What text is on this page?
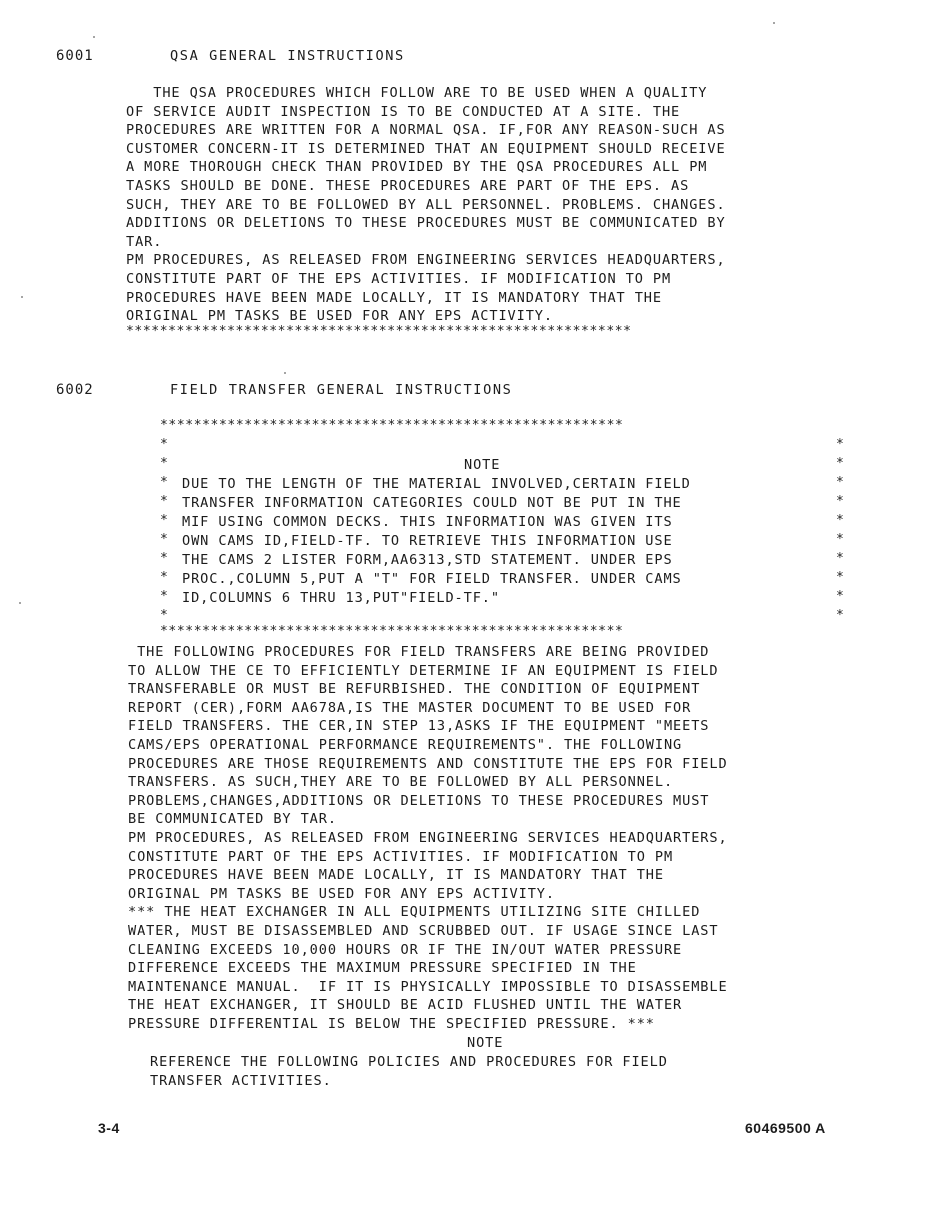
6001	QSA GENERAL INSTRUCTIONS
THE QSA PROCEDURES WHICH FOLLOW ARE TO BE USED WHEN A QUALITY
OF SERVICE AUDIT INSPECTION IS TO BE CONDUCTED AT A SITE. THE
PROCEDURES ARE WRITTEN FOR A NORMAL QSA. IF,FOR ANY REASON-SUCH AS
CUSTOMER CONCERN-IT IS DETERMINED THAT AN EQUIPMENT SHOULD RECEIVE
A MORE THOROUGH CHECK THAN PROVIDED BY THE QSA PROCEDURES ALL PM
TASKS SHOULD BE DONE. THESE PROCEDURES ARE PART OF THE EPS. AS
SUCH, THEY ARE TO BE FOLLOWED BY ALL PERSONNEL. PROBLEMS. CHANGES.
ADDITIONS OR DELETIONS TO THESE PROCEDURES MUST BE COMMUNICATED BY
TAR.
PM PROCEDURES, AS RELEASED FROM ENGINEERING SERVICES HEADQUARTERS,
CONSTITUTE PART OF THE EPS ACTIVITIES. IF MODIFICATION TO PM
PROCEDURES HAVE BEEN MADE LOCALLY, IT IS MANDATORY THAT THE
ORIGINAL PM TASKS BE USED FOR ANY EPS ACTIVITY.
************************************************************
6002	FIELD TRANSFER GENERAL INSTRUCTIONS
*******************************************************
*******************************************************
*
*
*
*
*
*
*
*
*
*
*
*
*
*
*
*
*
*
*
*
NOTE
DUE TO THE LENGTH OF THE MATERIAL INVOLVED,CERTAIN FIELD
TRANSFER INFORMATION CATEGORIES COULD NOT BE PUT IN THE
MIF USING COMMON DECKS. THIS INFORMATION WAS GIVEN ITS
OWN CAMS ID,FIELD-TF. TO RETRIEVE THIS INFORMATION USE
THE CAMS 2 LISTER FORM,AA6313,STD STATEMENT. UNDER EPS
PROC.,COLUMN 5,PUT A "T" FOR FIELD TRANSFER. UNDER CAMS
ID,COLUMNS 6 THRU 13,PUT"FIELD-TF."
THE FOLLOWING PROCEDURES FOR FIELD TRANSFERS ARE BEING PROVIDED
TO ALLOW THE CE TO EFFICIENTLY DETERMINE IF AN EQUIPMENT IS FIELD
TRANSFERABLE OR MUST BE REFURBISHED. THE CONDITION OF EQUIPMENT
REPORT (CER),FORM AA678A,IS THE MASTER DOCUMENT TO BE USED FOR
FIELD TRANSFERS. THE CER,IN STEP 13,ASKS IF THE EQUIPMENT "MEETS
CAMS/EPS OPERATIONAL PERFORMANCE REQUIREMENTS". THE FOLLOWING
PROCEDURES ARE THOSE REQUIREMENTS AND CONSTITUTE THE EPS FOR FIELD
TRANSFERS. AS SUCH,THEY ARE TO BE FOLLOWED BY ALL PERSONNEL.
PROBLEMS,CHANGES,ADDITIONS OR DELETIONS TO THESE PROCEDURES MUST
BE COMMUNICATED BY TAR.
PM PROCEDURES, AS RELEASED FROM ENGINEERING SERVICES HEADQUARTERS,
CONSTITUTE PART OF THE EPS ACTIVITIES. IF MODIFICATION TO PM
PROCEDURES HAVE BEEN MADE LOCALLY, IT IS MANDATORY THAT THE
ORIGINAL PM TASKS BE USED FOR ANY EPS ACTIVITY.
*** THE HEAT EXCHANGER IN ALL EQUIPMENTS UTILIZING SITE CHILLED
WATER, MUST BE DISASSEMBLED AND SCRUBBED OUT. IF USAGE SINCE LAST
CLEANING EXCEEDS 10,000 HOURS OR IF THE IN/OUT WATER PRESSURE
DIFFERENCE EXCEEDS THE MAXIMUM PRESSURE SPECIFIED IN THE
MAINTENANCE MANUAL.  IF IT IS PHYSICALLY IMPOSSIBLE TO DISASSEMBLE
THE HEAT EXCHANGER, IT SHOULD BE ACID FLUSHED UNTIL THE WATER
PRESSURE DIFFERENTIAL IS BELOW THE SPECIFIED PRESSURE. ***
NOTE
REFERENCE THE FOLLOWING POLICIES AND PROCEDURES FOR FIELD
TRANSFER ACTIVITIES.
3-4	60469500 A
